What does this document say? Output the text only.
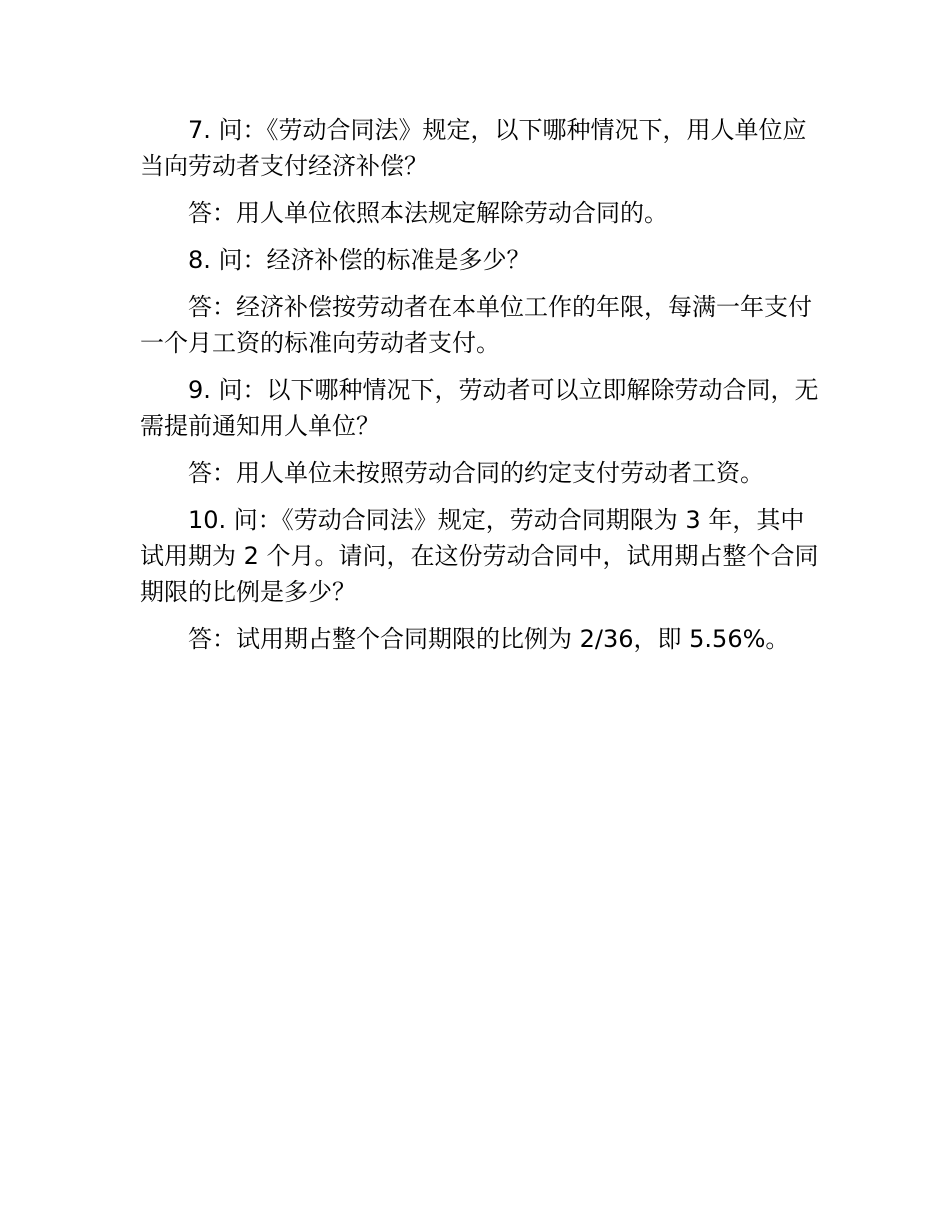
7. 问：《劳动合同法》规定，以下哪种情况下，用人单位应当向劳动者支付经济补偿？

答：用人单位依照本法规定解除劳动合同的。

8. 问：经济补偿的标准是多少？

答：经济补偿按劳动者在本单位工作的年限，每满一年支付一个月工资的标准向劳动者支付。

9. 问：以下哪种情况下，劳动者可以立即解除劳动合同，无需提前通知用人单位？

答：用人单位未按照劳动合同的约定支付劳动者工资。

10. 问：《劳动合同法》规定，劳动合同期限为 3 年，其中试用期为 2 个月。请问，在这份劳动合同中，试用期占整个合同期限的比例是多少？

答：试用期占整个合同期限的比例为 2/36，即 5.56%。
